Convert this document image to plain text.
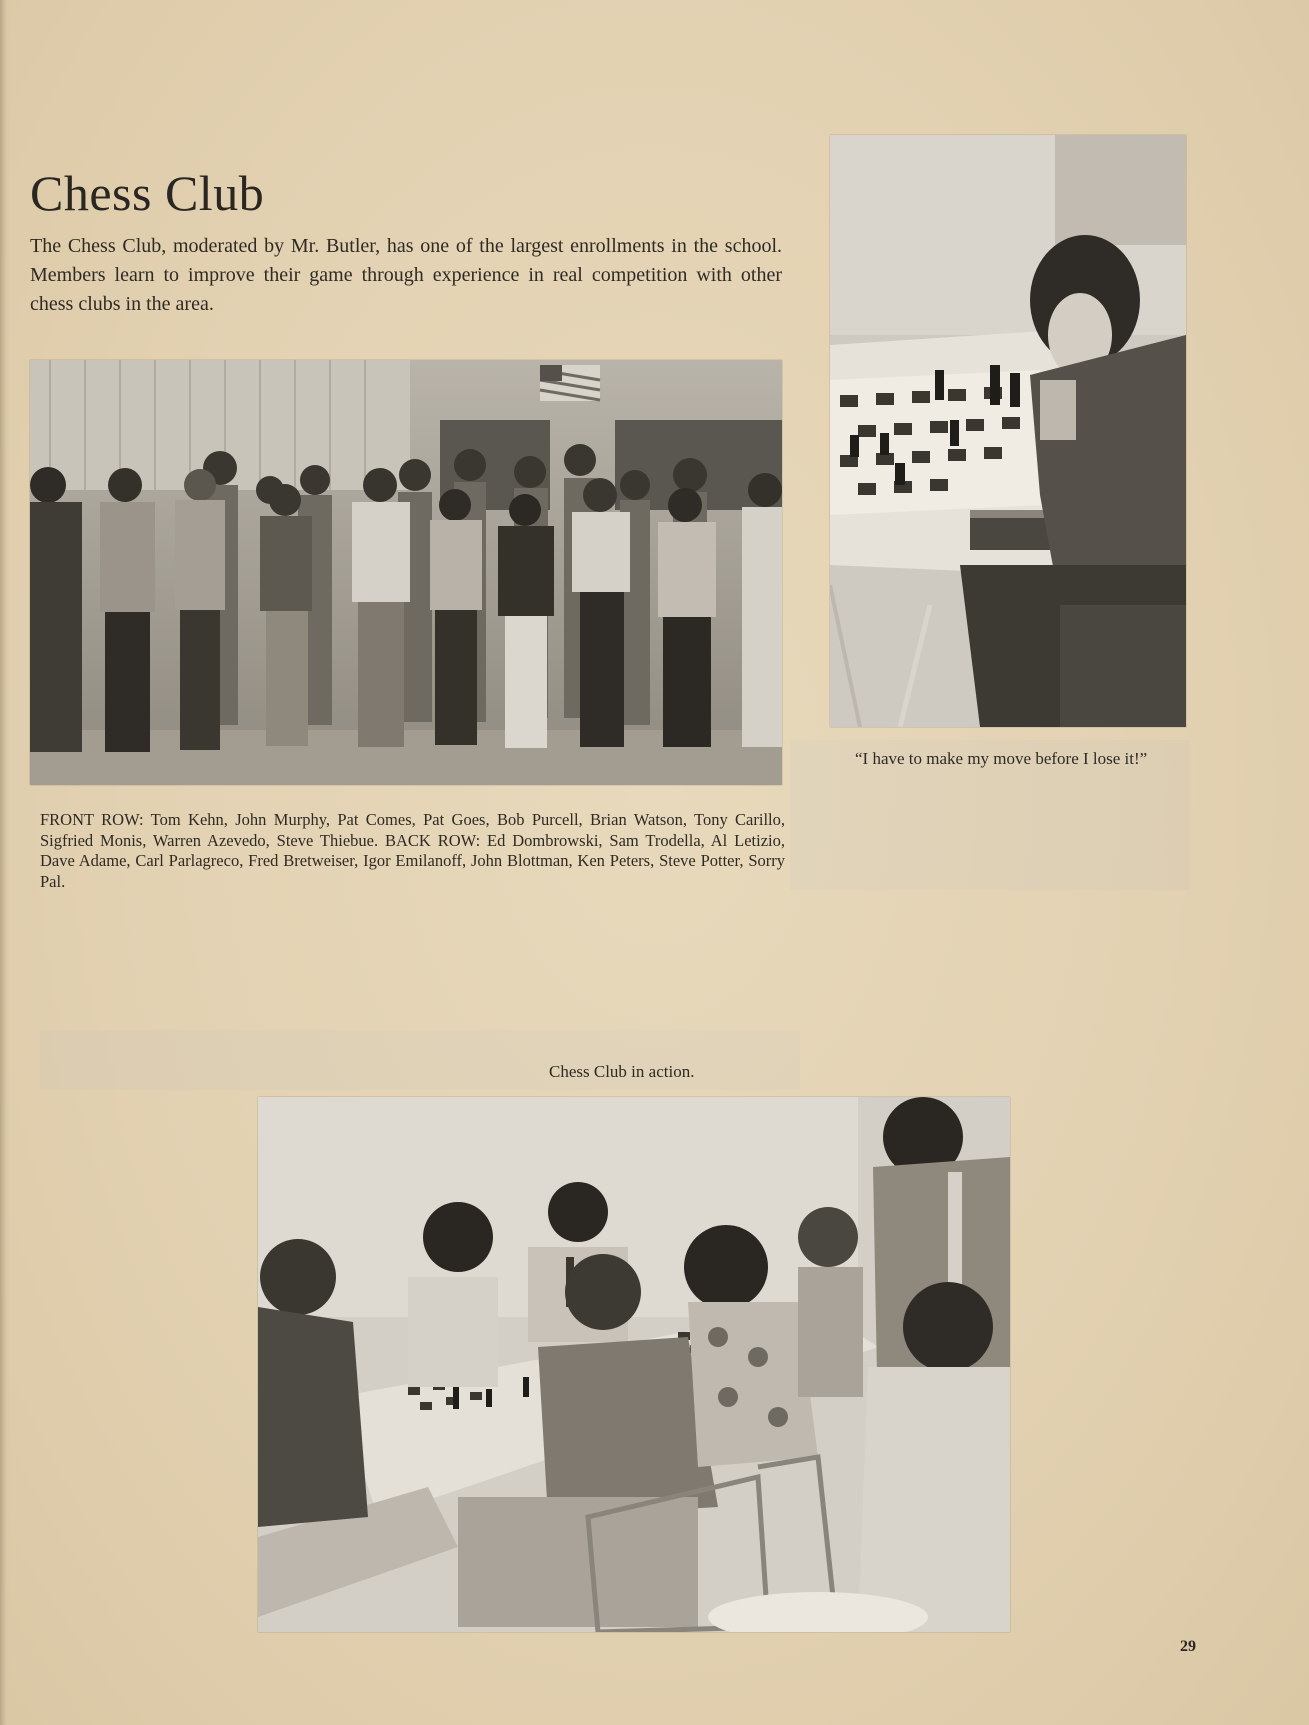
Chess Club

The Chess Club, moderated by Mr. Butler, has one of the largest enrollments in the school. Members learn to improve their game through experience in real competition with other chess clubs in the area.

“I have to make my move before I lose it!”

FRONT ROW: Tom Kehn, John Murphy, Pat Comes, Pat Goes, Bob Purcell, Brian Watson, Tony Carillo, Sigfried Monis, Warren Azevedo, Steve Thiebue. BACK ROW: Ed Dombrowski, Sam Trodella, Al Letizio, Dave Adame, Carl Parlagreco, Fred Bretweiser, Igor Emilanoff, John Blottman, Ken Peters, Steve Potter, Sorry Pal.

Chess Club in action.

29
